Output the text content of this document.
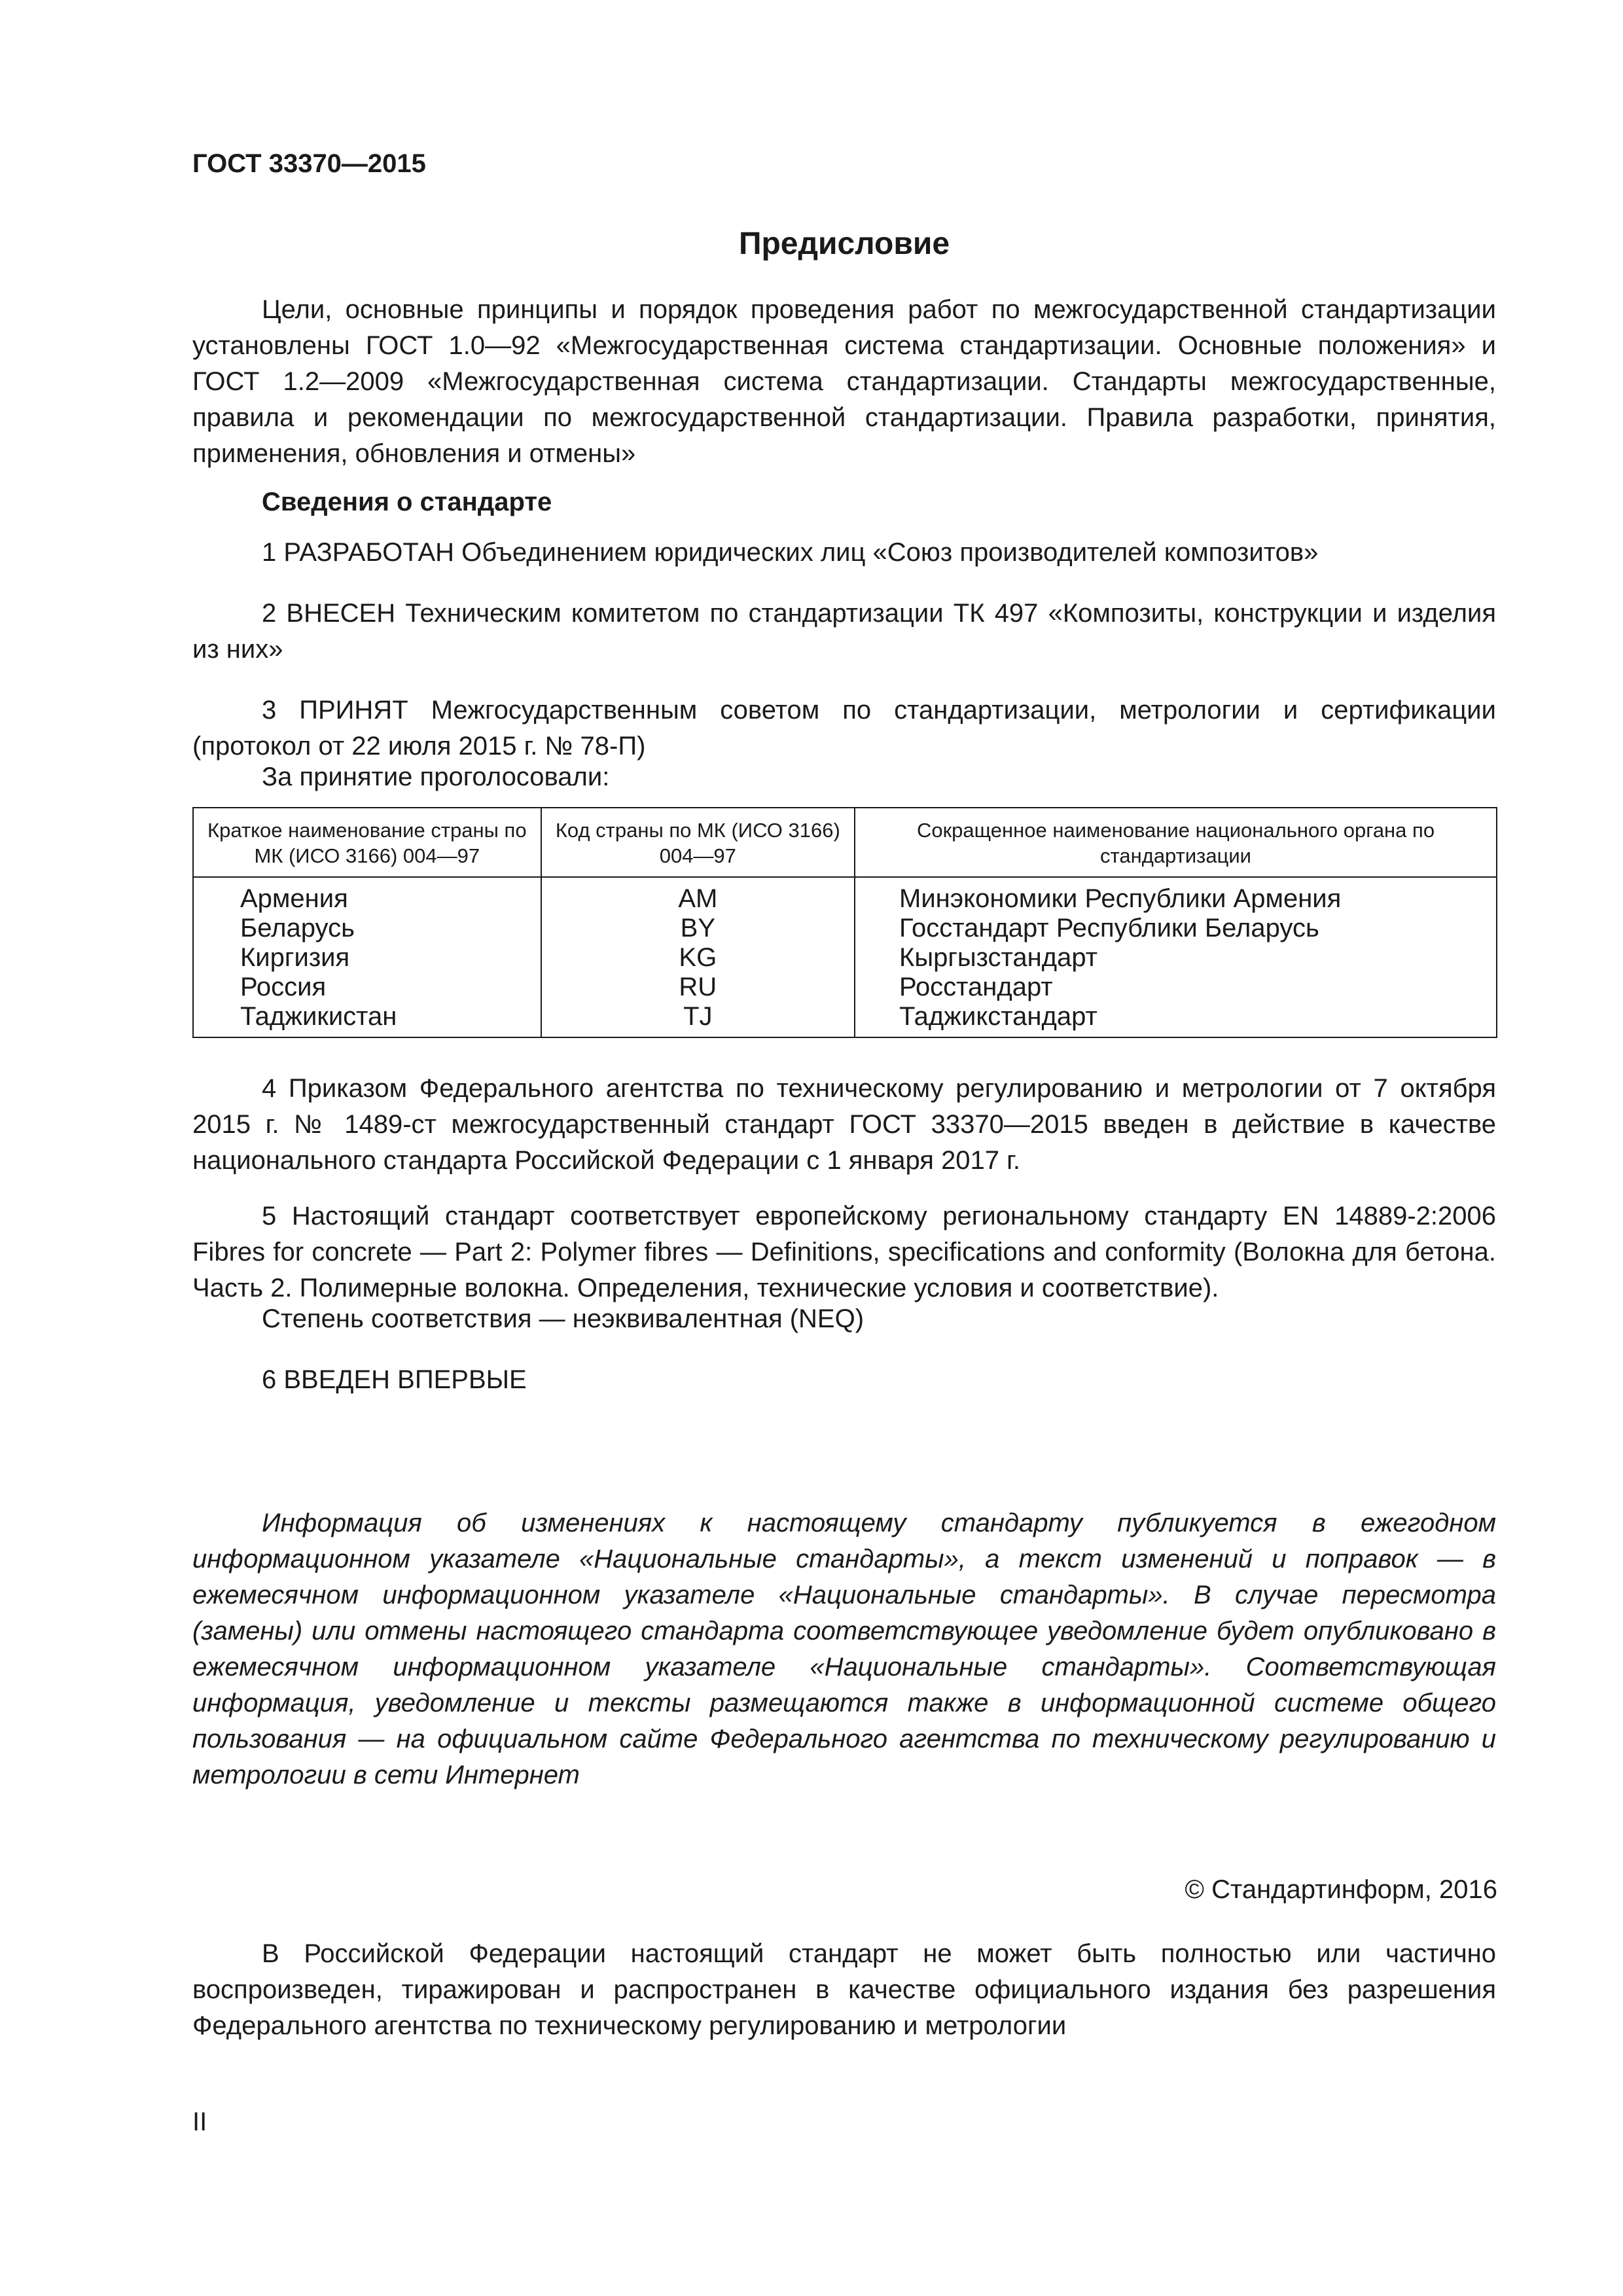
ГОСТ 33370—2015
Предисловие

Цели, основные принципы и порядок проведения работ по межгосударственной стандартизации установлены ГОСТ 1.0—92 «Межгосударственная система стандартизации. Основные положения» и ГОСТ 1.2—2009 «Межгосударственная система стандартизации. Стандарты межгосударственные, правила и рекомендации по межгосударственной стандартизации. Правила разработки, принятия, применения, обновления и отмены»

Сведения о стандарте

1 РАЗРАБОТАН Объединением юридических лиц «Союз производителей композитов»

2 ВНЕСЕН Техническим комитетом по стандартизации ТК 497 «Композиты, конструкции и изделия из них»

3 ПРИНЯТ Межгосударственным советом по стандартизации, метрологии и сертификации (протокол от 22 июля 2015 г. № 78-П)

За принятие проголосовали:
Краткое наименование страны по МК (ИСО 3166) 004—97	Код страны по МК (ИСО 3166) 004—97	Сокращенное наименование национального органа по стандартизации
Армения	AM	Минэкономики Республики Армения
Беларусь	BY	Госстандарт Республики Беларусь
Киргизия	KG	Кыргызстандарт
Россия	RU	Росстандарт
Таджикистан	TJ	Таджикстандарт

4 Приказом Федерального агентства по техническому регулированию и метрологии от 7 октября 2015 г. № 1489-ст межгосударственный стандарт ГОСТ 33370—2015 введен в действие в качестве национального стандарта Российской Федерации с 1 января 2017 г.

5 Настоящий стандарт соответствует европейскому региональному стандарту EN 14889-2:2006 Fibres for concrete — Part 2: Polymer fibres — Definitions, specifications and conformity (Волокна для бетона. Часть 2. Полимерные волокна. Определения, технические условия и соответствие).

Степень соответствия — неэквивалентная (NEQ)

6 ВВЕДЕН ВПЕРВЫЕ

Информация об изменениях к настоящему стандарту публикуется в ежегодном информационном указателе «Национальные стандарты», а текст изменений и поправок — в ежемесячном информационном указателе «Национальные стандарты». В случае пересмотра (замены) или отмены настоящего стандарта соответствующее уведомление будет опубликовано в ежемесячном информационном указателе «Национальные стандарты». Соответствующая информация, уведомление и тексты размещаются также в информационной системе общего пользования — на официальном сайте Федерального агентства по техническому регулированию и метрологии в сети Интернет

© Стандартинформ, 2016

В Российской Федерации настоящий стандарт не может быть полностью или частично воспроизведен, тиражирован и распространен в качестве официального издания без разрешения Федерального агентства по техническому регулированию и метрологии

II
